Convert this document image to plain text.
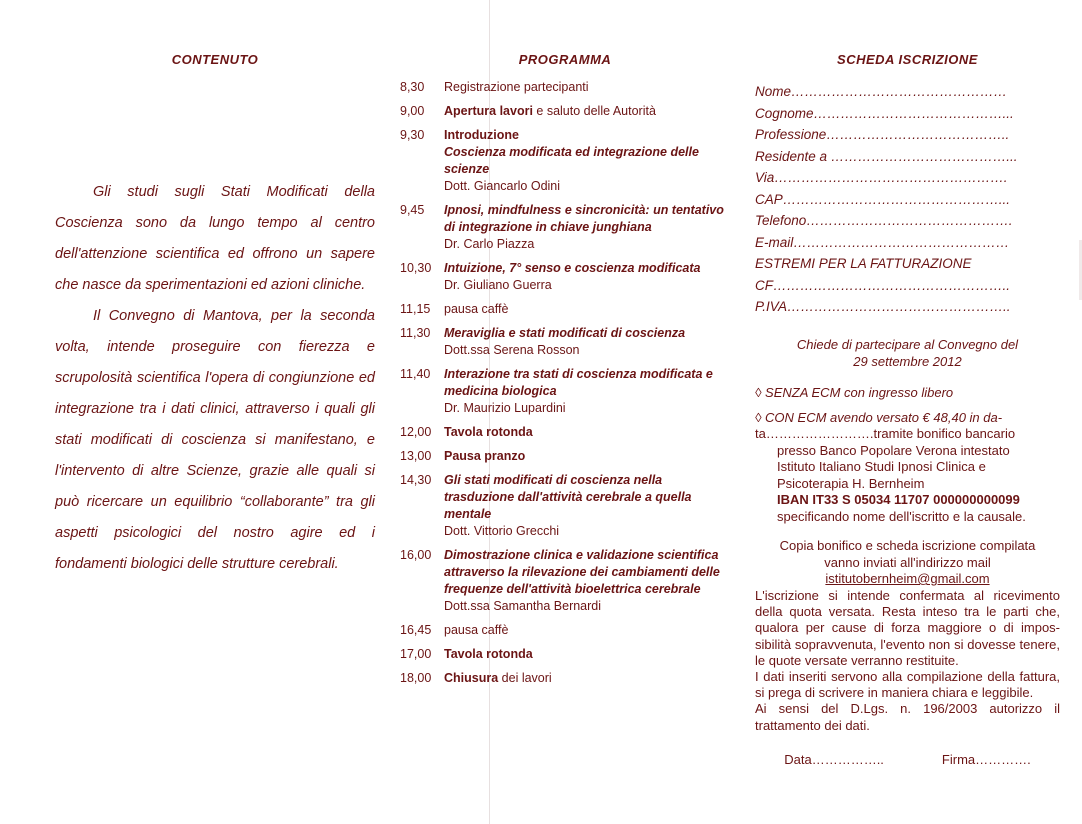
CONTENUTO

Gli studi sugli Stati Modificati della Coscienza sono da lungo tempo al centro dell'attenzione scientifica ed offrono un sapere che nasce da sperimentazioni ed azioni cliniche.

Il Convegno di Mantova, per la seconda volta, intende proseguire con fierezza e scrupolosità scientifica l'opera di congiunzione ed integrazione tra i dati clinici, attraverso i quali gli stati modificati di coscienza si manifestano, e l'intervento di altre Scienze, grazie alle quali si può ricercare un equilibrio “collaborante” tra gli aspetti psicologici del nostro agire ed i fondamenti biologici delle strutture cerebrali.

PROGRAMMA
8,30	Registrazione partecipanti
9,00	Apertura lavori e saluto delle Autorità
9,30	Introduzione
Coscienza modificata ed integrazione delle scienze
Dott. Giancarlo Odini
9,45	Ipnosi, mindfulness e sincronicità: un tentativo di integrazione in chiave junghiana
Dr. Carlo Piazza
10,30	Intuizione, 7° senso e coscienza modificata
Dr. Giuliano Guerra
11,15	pausa caffè
11,30	Meraviglia e stati modificati di coscienza
Dott.ssa Serena Rosson
11,40	Interazione tra stati di coscienza modificata e medicina biologica
Dr. Maurizio Lupardini
12,00	Tavola rotonda
13,00	Pausa pranzo
14,30	Gli stati modificati di coscienza nella trasduzione dall'attività cerebrale a quella mentale
Dott. Vittorio Grecchi
16,00	Dimostrazione clinica e validazione scientifica attraverso la rilevazione dei cambiamenti delle frequenze dell'attività bioelettrica cerebrale
Dott.ssa Samantha Bernardi
16,45	pausa caffè
17,00	Tavola rotonda
18,00	Chiusura dei lavori
SCHEDA ISCRIZIONE
Nome…………………………………………
Cognome……………………………………...
Professione…………………………………..
Residente a …………………………………...
Via…………………………………………….
CAP…………………………………………...
Telefono……………………………………….
E-mail…………………………………………
ESTREMI PER LA FATTURAZIONE
CF……………………………………………..
P.IVA…………………………………………..
Chiede di partecipare al Convegno del
29 settembre 2012
◊ SENZA ECM con ingresso libero
◊ CON ECM avendo versato € 48,40 in da-
ta…………………….tramite bonifico bancario
presso Banco Popolare Verona intestato
Istituto Italiano Studi Ipnosi Clinica e
Psicoterapia H. Bernheim
IBAN IT33 S 05034 11707 000000000099
specificando nome dell'iscritto e la causale.
Copia bonifico e scheda iscrizione compilata
vanno inviati all'indirizzo mail
istitutobernheim@gmail.com

L'iscrizione si intende confermata al ricevimento della quota versata. Resta inteso tra le parti che, qualora per cause di forza maggiore o di impos-sibilità sopravvenuta, l'evento non si dovesse tenere, le quote versate verranno restituite.

I dati inseriti servono alla compilazione della fattura, si prega di scrivere in maniera chiara e leggibile.

Ai sensi del D.Lgs. n. 196/2003 autorizzo il trattamento dei dati.

Data……………..	Firma………….
